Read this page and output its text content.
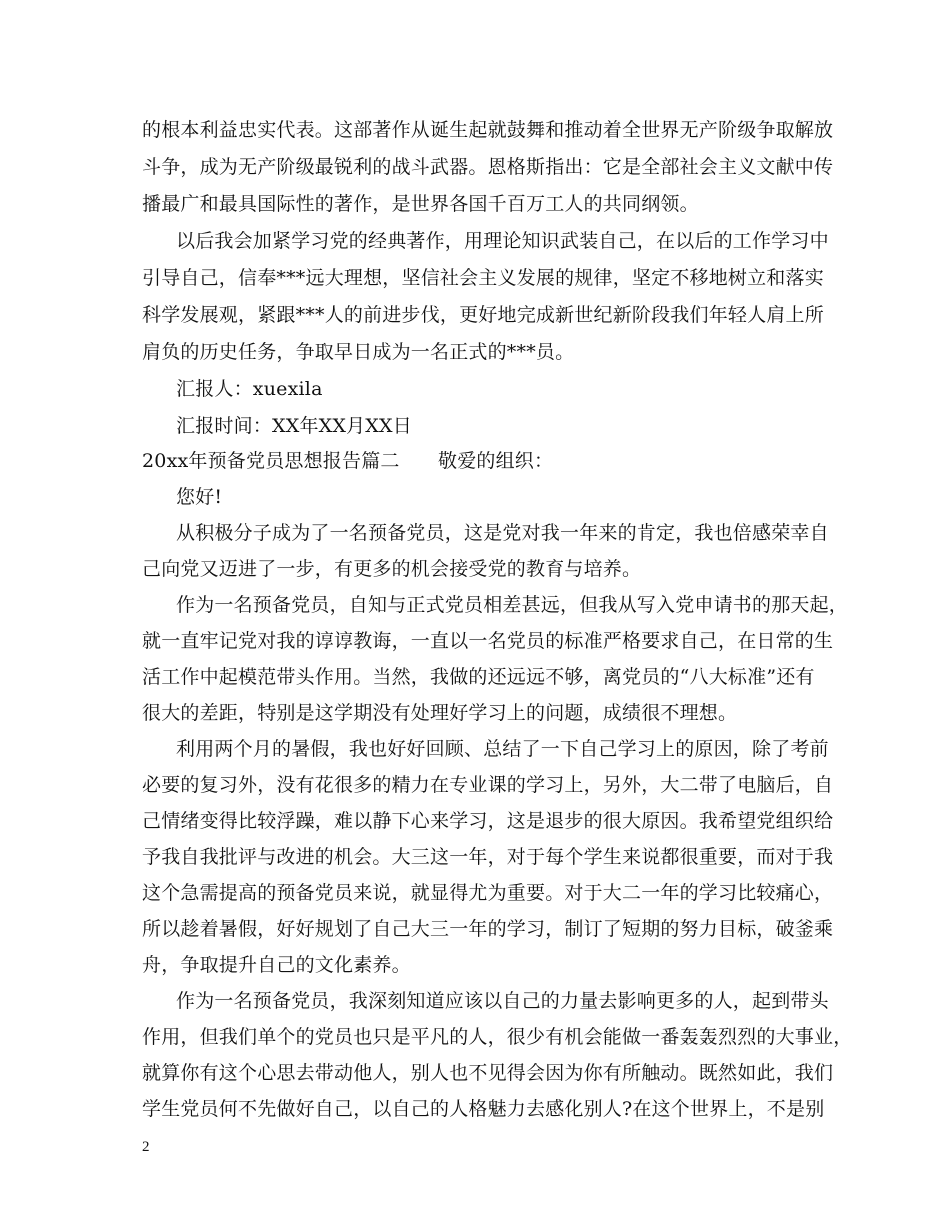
的根本利益忠实代表。这部著作从诞生起就鼓舞和推动着全世界无产阶级争取解放
斗争，成为无产阶级最锐利的战斗武器。恩格斯指出：它是全部社会主义文献中传
播最广和最具国际性的著作，是世界各国千百万工人的共同纲领。
以后我会加紧学习党的经典著作，用理论知识武装自己，在以后的工作学习中
引导自己，信奉***远大理想，坚信社会主义发展的规律，坚定不移地树立和落实
科学发展观，紧跟***人的前进步伐，更好地完成新世纪新阶段我们年轻人肩上所
肩负的历史任务，争取早日成为一名正式的***员。
汇报人：xuexila
汇报时间：XX年XX月XX日
20xx年预备党员思想报告篇二　　敬爱的组织：
您好!
从积极分子成为了一名预备党员，这是党对我一年来的肯定，我也倍感荣幸自
己向党又迈进了一步，有更多的机会接受党的教育与培养。
作为一名预备党员，自知与正式党员相差甚远，但我从写入党申请书的那天起，
就一直牢记党对我的谆谆教诲，一直以一名党员的标准严格要求自己，在日常的生
活工作中起模范带头作用。当然，我做的还远远不够，离党员的“八大标准”还有
很大的差距，特别是这学期没有处理好学习上的问题，成绩很不理想。
利用两个月的暑假，我也好好回顾、总结了一下自己学习上的原因，除了考前
必要的复习外，没有花很多的精力在专业课的学习上，另外，大二带了电脑后，自
己情绪变得比较浮躁，难以静下心来学习，这是退步的很大原因。我希望党组织给
予我自我批评与改进的机会。大三这一年，对于每个学生来说都很重要，而对于我
这个急需提高的预备党员来说，就显得尤为重要。对于大二一年的学习比较痛心，
所以趁着暑假，好好规划了自己大三一年的学习，制订了短期的努力目标，破釜乘
舟，争取提升自己的文化素养。
作为一名预备党员，我深刻知道应该以自己的力量去影响更多的人，起到带头
作用，但我们单个的党员也只是平凡的人，很少有机会能做一番轰轰烈烈的大事业，
就算你有这个心思去带动他人，别人也不见得会因为你有所触动。既然如此，我们
学生党员何不先做好自己，以自己的人格魅力去感化别人?在这个世界上，不是别
2
